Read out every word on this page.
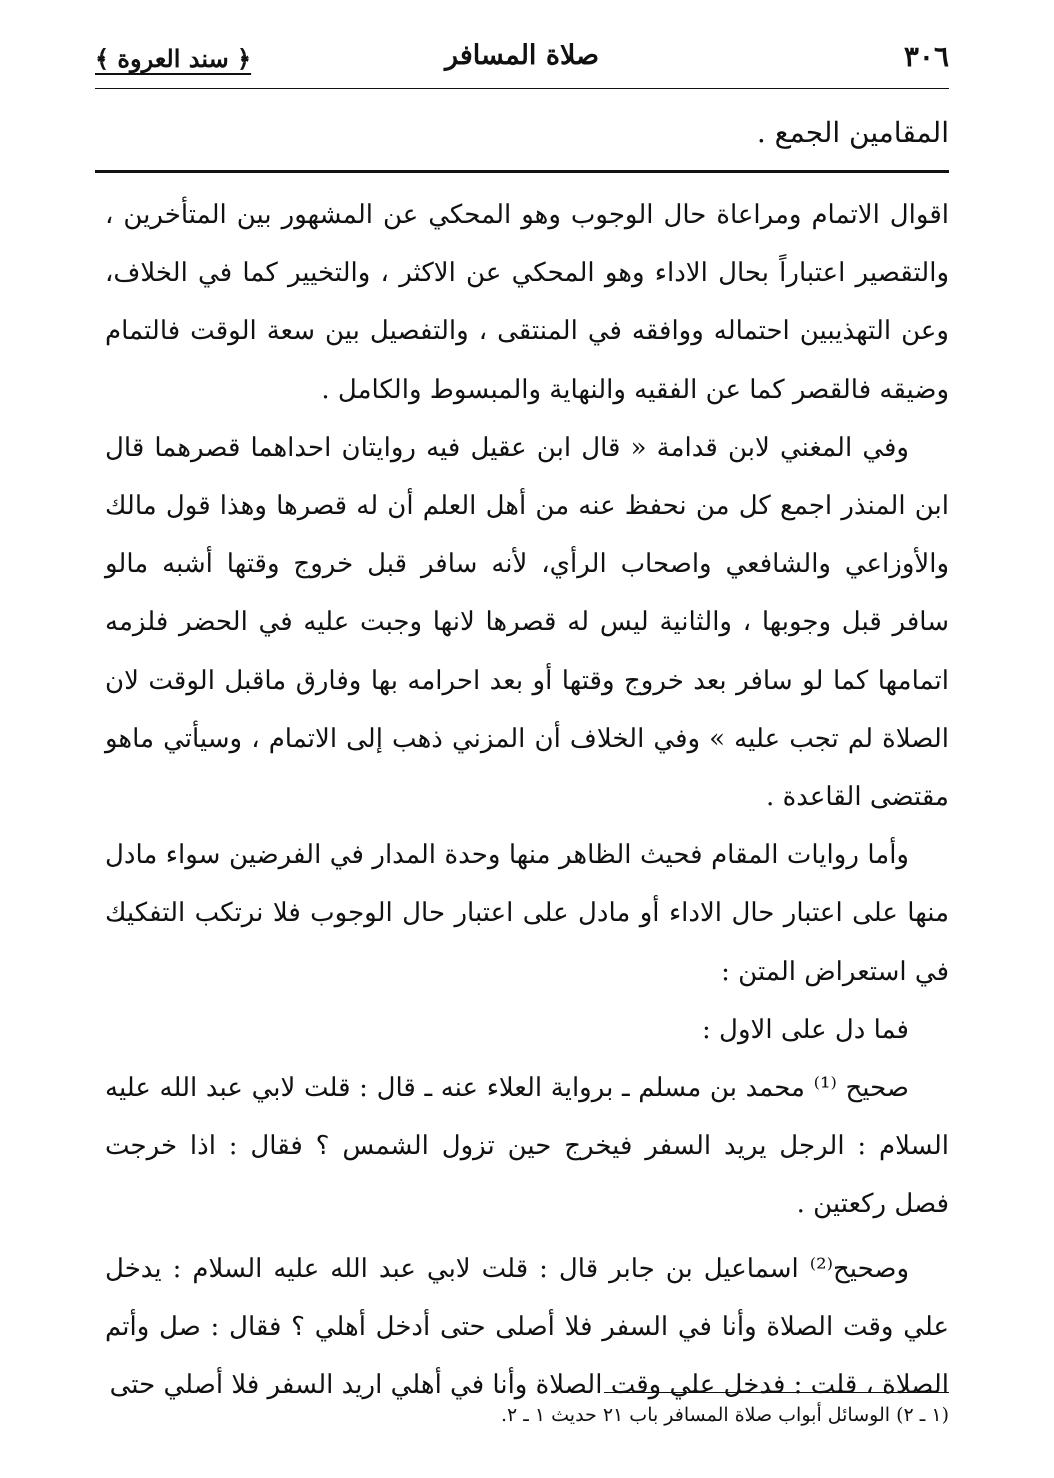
٣٠٦
صلاة المسافر
﴿ سند العروة ﴾
المقامين الجمع .

اقوال الاتمام ومراعاة حال الوجوب وهو المحكي عن المشهور بين المتأخرين ، والتقصير اعتباراً بحال الاداء وهو المحكي عن الاكثر ، والتخيير كما في الخلاف، وعن التهذيبين احتماله ووافقه في المنتقى ، والتفصيل بين سعة الوقت فالتمام وضيقه فالقصر كما عن الفقيه والنهاية والمبسوط والكامل .

وفي المغني لابن قدامة « قال ابن عقيل فيه روايتان احداهما قصرهما قال ابن المنذر اجمع كل من نحفظ عنه من أهل العلم أن له قصرها وهذا قول مالك والأوزاعي والشافعي واصحاب الرأي، لأنه سافر قبل خروج وقتها أشبه مالو سافر قبل وجوبها ، والثانية ليس له قصرها لانها وجبت عليه في الحضر فلزمه اتمامها كما لو سافر بعد خروج وقتها أو بعد احرامه بها وفارق ماقبل الوقت لان الصلاة لم تجب عليه » وفي الخلاف أن المزني ذهب إلى الاتمام ، وسيأتي ماهو مقتضى القاعدة .

وأما روايات المقام فحيث الظاهر منها وحدة المدار في الفرضين سواء مادل منها على اعتبار حال الاداء أو مادل على اعتبار حال الوجوب فلا نرتكب التفكيك في استعراض المتن :

فما دل على الاول :

صحيح ⁽¹⁾ محمد بن مسلم ـ برواية العلاء عنه ـ قال : قلت لابي عبد الله عليه السلام : الرجل يريد السفر فيخرج حين تزول الشمس ؟ فقال : اذا خرجت فصل ركعتين .

وصحيح⁽²⁾ اسماعيل بن جابر قال : قلت لابي عبد الله عليه السلام : يدخل علي وقت الصلاة وأنا في السفر فلا أصلى حتى أدخل أهلي ؟ فقال : صل وأتم الصلاة ، قلت : فدخل علي وقت الصلاة وأنا في أهلي اريد السفر فلا أصلي حتى

(١ ـ ٢) الوسائل أبواب صلاة المسافر باب ٢١ حديث ١ ـ ٢.
